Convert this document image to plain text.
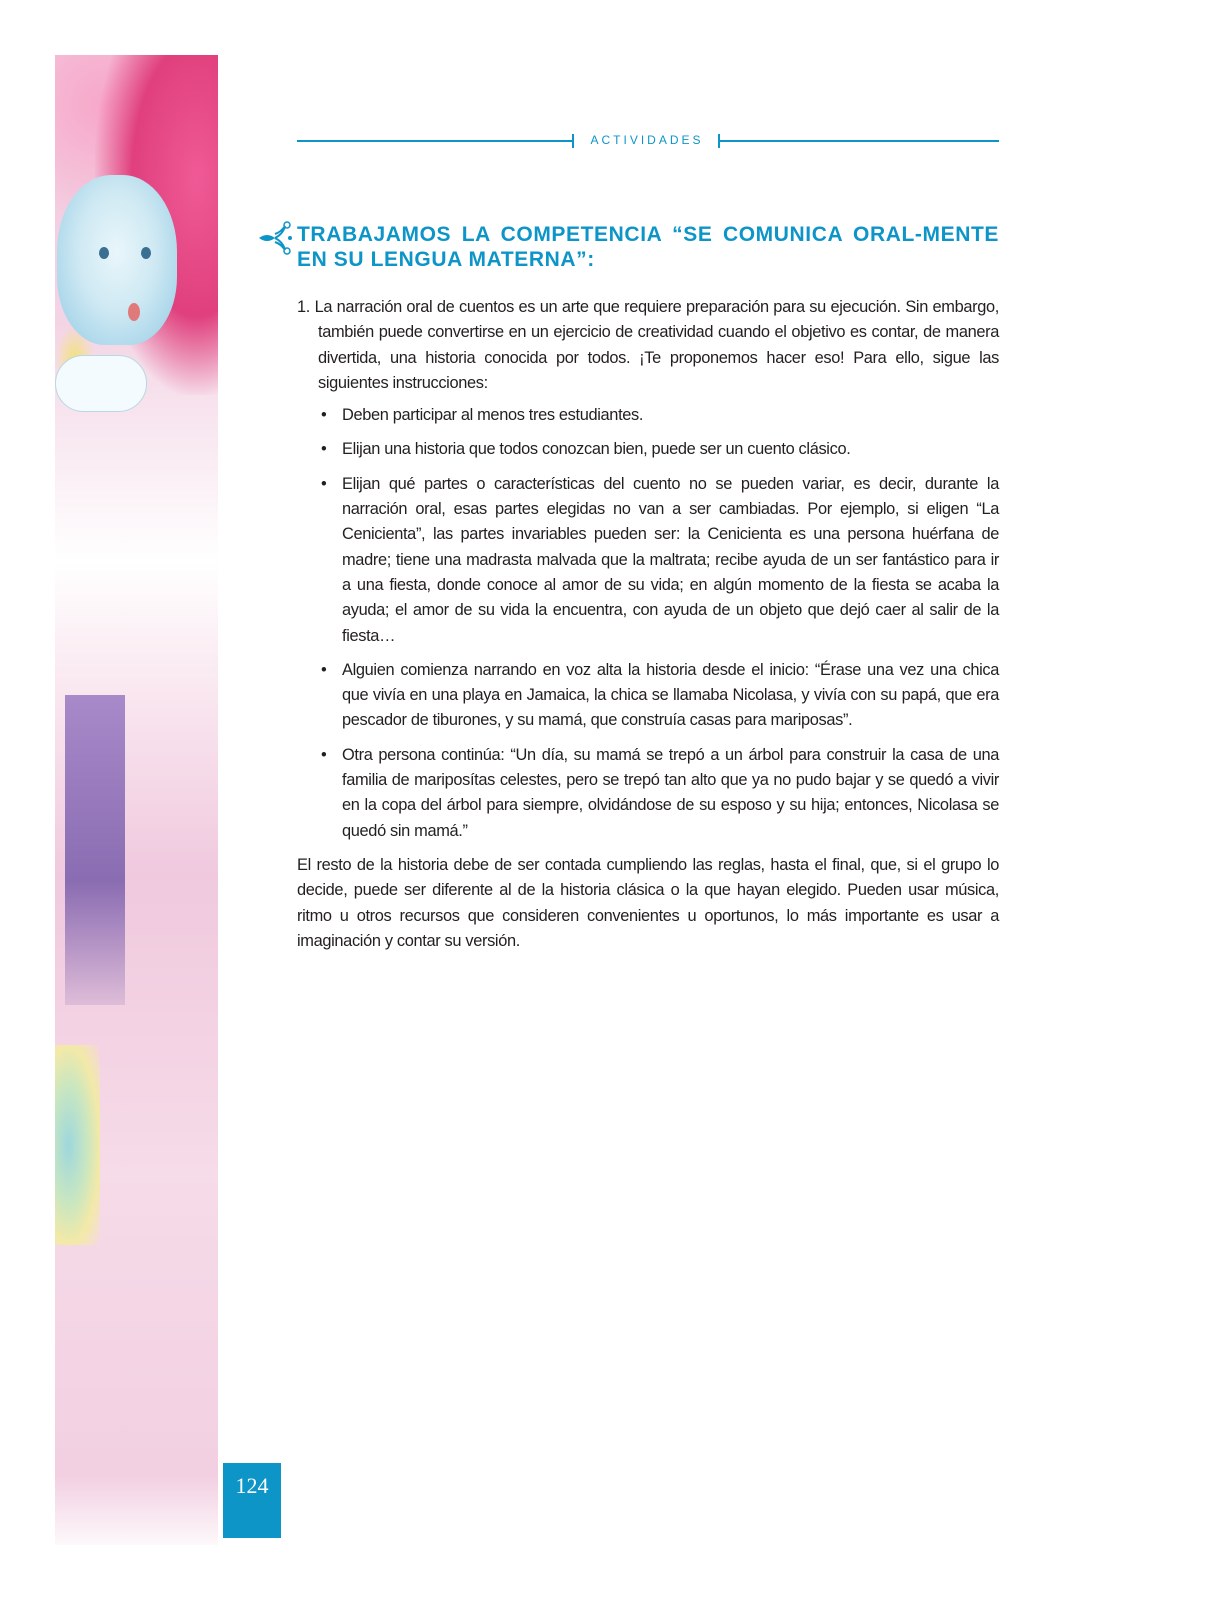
ACTIVIDADES
TRABAJAMOS LA COMPETENCIA “SE COMUNICA ORAL-MENTE EN SU LENGUA MATERNA”:

1. La narración oral de cuentos es un arte que requiere preparación para su ejecución. Sin embargo, también puede convertirse en un ejercicio de creatividad cuando el objetivo es contar, de manera divertida, una historia conocida por todos. ¡Te proponemos hacer eso! Para ello, sigue las siguientes instrucciones:

• Deben participar al menos tres estudiantes.
• Elijan una historia que todos conozcan bien, puede ser un cuento clásico.
• Elijan qué partes o características del cuento no se pueden variar, es decir, durante la narración oral, esas partes elegidas no van a ser cambiadas. Por ejemplo, si eligen “La Cenicienta”, las partes invariables pueden ser: la Cenicienta es una persona huérfana de madre; tiene una madrasta malvada que la maltrata; recibe ayuda de un ser fantástico para ir a una fiesta, donde conoce al amor de su vida; en algún momento de la fiesta se acaba la ayuda; el amor de su vida la encuentra, con ayuda de un objeto que dejó caer al salir de la fiesta…
• Alguien comienza narrando en voz alta la historia desde el inicio: “Érase una vez una chica que vivía en una playa en Jamaica, la chica se llamaba Nicolasa, y vivía con su papá, que era pescador de tiburones, y su mamá, que construía casas para mariposas”.
• Otra persona continúa: “Un día, su mamá se trepó a un árbol para construir la casa de una familia de mariposítas celestes, pero se trepó tan alto que ya no pudo bajar y se quedó a vivir en la copa del árbol para siempre, olvidándose de su esposo y su hija; entonces, Nicolasa se quedó sin mamá.”

El resto de la historia debe de ser contada cumpliendo las reglas, hasta el final, que, si el grupo lo decide, puede ser diferente al de la historia clásica o la que hayan elegido. Pueden usar música, ritmo u otros recursos que consideren convenientes u oportunos, lo más importante es usar a imaginación y contar su versión.

124
